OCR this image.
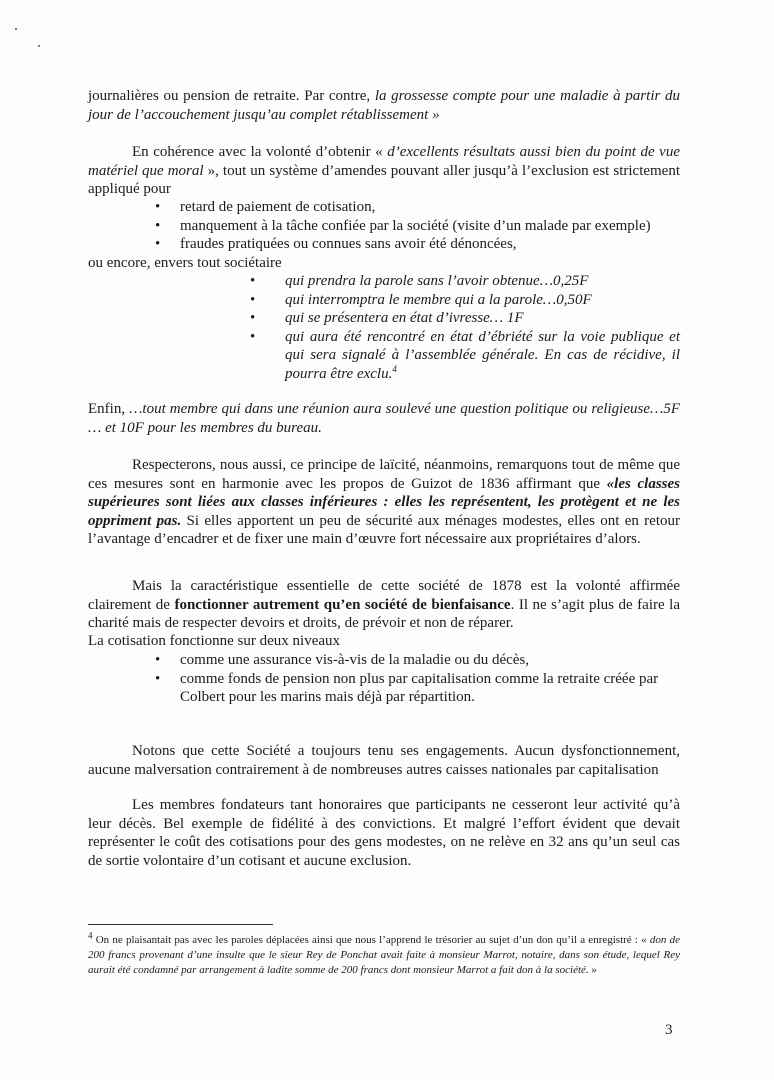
journalières ou pension de retraite. Par contre, la grossesse compte pour une maladie à partir du jour de l’accouchement jusqu’au complet rétablissement »

En cohérence avec la volonté d’obtenir « d’excellents résultats aussi bien du point de vue matériel que moral », tout un système d’amendes pouvant aller jusqu’à l’exclusion est strictement appliqué pour

• retard de paiement de cotisation,
• manquement à la tâche confiée par la société (visite d’un malade par exemple)
• fraudes pratiquées ou connues sans avoir été dénoncées,

ou encore, envers tout sociétaire

• qui prendra la parole sans l’avoir obtenue…0,25F
• qui interromptra le membre qui a la parole…0,50F
• qui se présentera en état d’ivresse… 1F
• qui aura été rencontré en état d’ébriété sur la voie publique et qui sera signalé à l’assemblée générale. En cas de récidive, il pourra être exclu.$^4$

Enfin, …tout membre qui dans une réunion aura soulevé une question politique ou religieuse…5F … et 10F pour les membres du bureau.

Respecterons, nous aussi, ce principe de laïcité, néanmoins, remarquons tout de même que ces mesures sont en harmonie avec les propos de Guizot de 1836 affirmant que «les classes supérieures sont liées aux classes inférieures : elles les représentent, les protègent et ne les oppriment pas. Si elles apportent un peu de sécurité aux ménages modestes, elles ont en retour l’avantage d’encadrer et de fixer une main d’œuvre fort nécessaire aux propriétaires d’alors.

Mais la caractéristique essentielle de cette société de 1878 est la volonté affirmée clairement de fonctionner autrement qu’en société de bienfaisance. Il ne s’agit plus de faire la charité mais de respecter devoirs et droits, de prévoir et non de réparer.

La cotisation fonctionne sur deux niveaux

• comme une assurance vis-à-vis de la maladie ou du décès,
• comme fonds de pension non plus par capitalisation comme la retraite créée par Colbert pour les marins mais déjà par répartition.

Notons que cette Société a toujours tenu ses engagements. Aucun dysfonctionnement, aucune malversation contrairement à de nombreuses autres caisses nationales par capitalisation

Les membres fondateurs tant honoraires que participants ne cesseront leur activité qu’à leur décès. Bel exemple de fidélité à des convictions. Et malgré l’effort évident que devait représenter le coût des cotisations pour des gens modestes, on ne relève en 32 ans qu’un seul cas de sortie volontaire d’un cotisant et aucune exclusion.

$^4$ On ne plaisantait pas avec les paroles déplacées ainsi que nous l’apprend le trésorier au sujet d’un don qu’il a enregistré : « don de 200 francs provenant d’une insulte que le sieur Rey de Ponchat avait faite à monsieur Marrot, notaire, dans son étude, lequel Rey aurait été condamné par arrangement à ladite somme de 200 francs dont monsieur Marrot a fait don à la société. »

3
